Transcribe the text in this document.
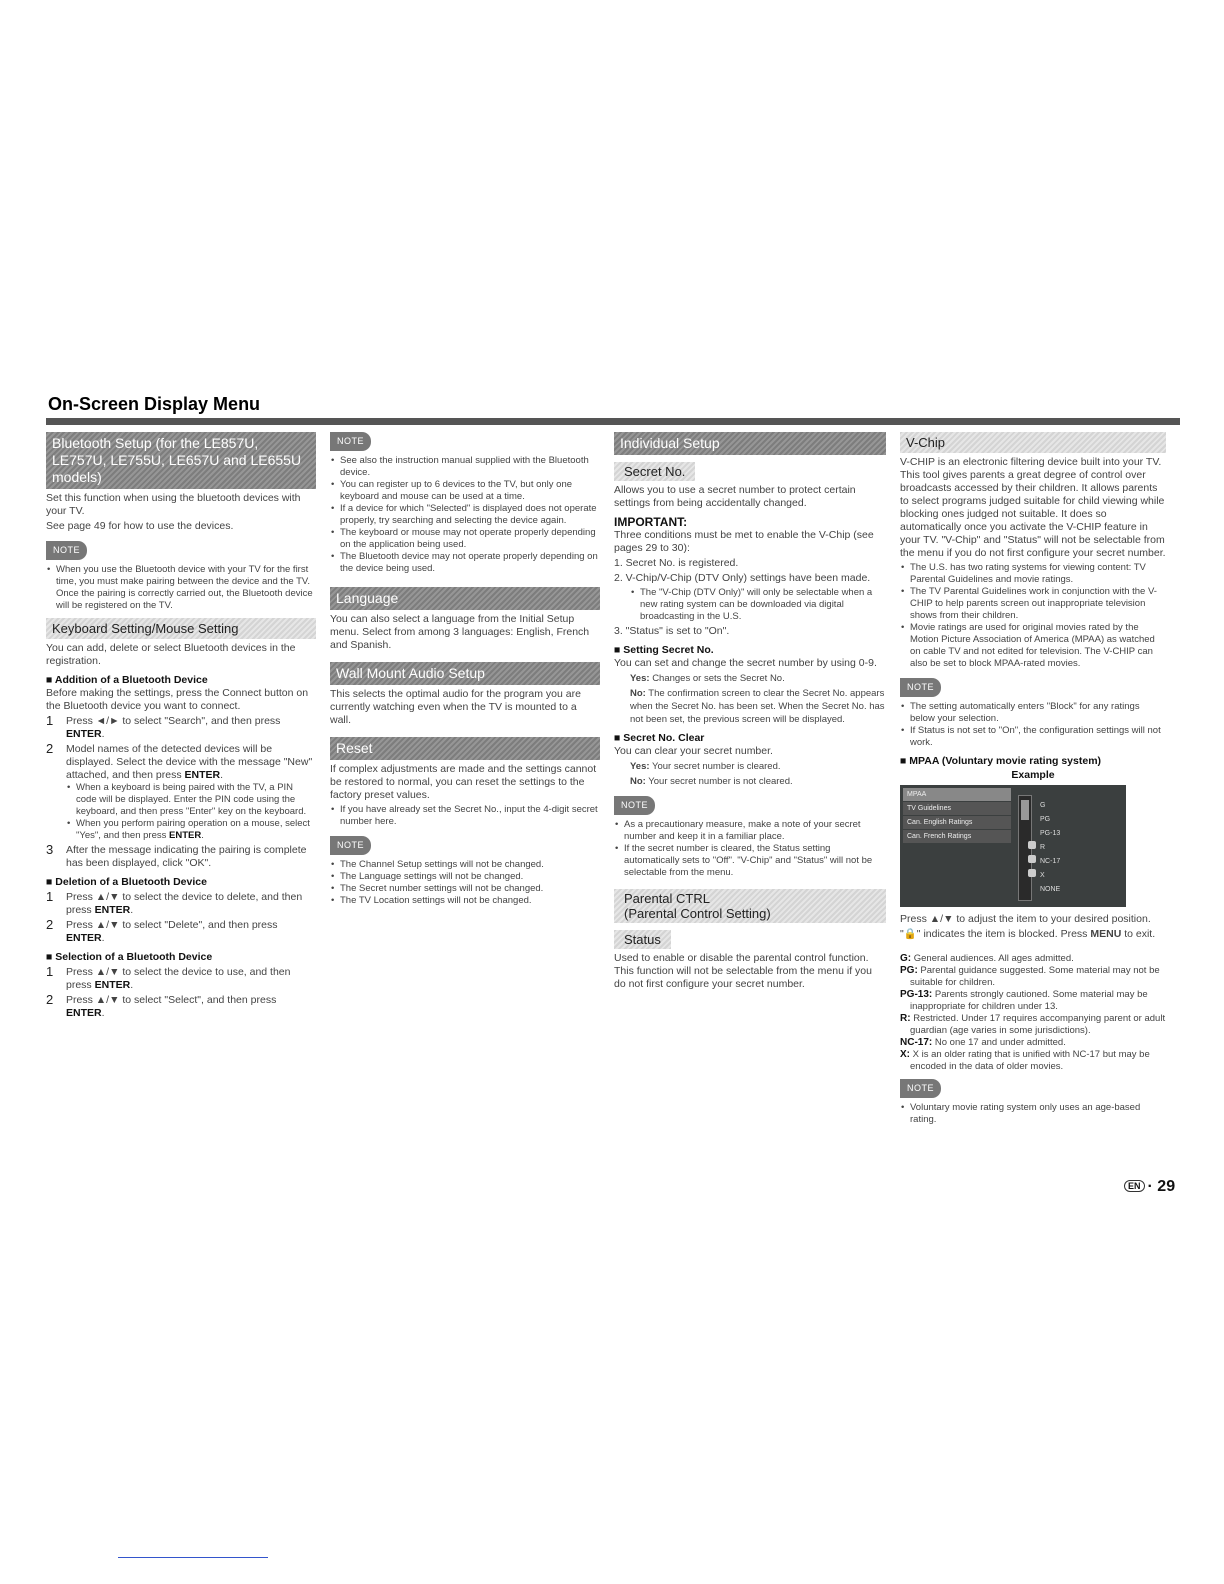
On-Screen Display Menu
Bluetooth Setup (for the LE857U, LE757U, LE755U, LE657U and LE655U models)

Set this function when using the bluetooth devices with your TV.

See page 49 for how to use the devices.

NOTE
• When you use the Bluetooth device with your TV for the first time, you must make pairing between the device and the TV. Once the pairing is correctly carried out, the Bluetooth device will be registered on the TV.
Keyboard Setting/Mouse Setting

You can add, delete or select Bluetooth devices in the registration.

■ Addition of a Bluetooth Device

Before making the settings, press the Connect button on the Bluetooth device you want to connect.

1 Press ◄/► to select "Search", and then press ENTER.
2 Model names of the detected devices will be displayed. Select the device with the message "New" attached, and then press ENTER.
• When a keyboard is being paired with the TV, a PIN code will be displayed. Enter the PIN code using the keyboard, and then press "Enter" key on the keyboard.
• When you perform pairing operation on a mouse, select "Yes", and then press ENTER.
3 After the message indicating the pairing is complete has been displayed, click "OK".
■ Deletion of a Bluetooth Device
1 Press ▲/▼ to select the device to delete, and then press ENTER.
2 Press ▲/▼ to select "Delete", and then press ENTER.
■ Selection of a Bluetooth Device
1 Press ▲/▼ to select the device to use, and then press ENTER.
2 Press ▲/▼ to select "Select", and then press ENTER.
NOTE
• See also the instruction manual supplied with the Bluetooth device.
• You can register up to 6 devices to the TV, but only one keyboard and mouse can be used at a time.
• If a device for which "Selected" is displayed does not operate properly, try searching and selecting the device again.
• The keyboard or mouse may not operate properly depending on the application being used.
• The Bluetooth device may not operate properly depending on the device being used.
Language

You can also select a language from the Initial Setup menu. Select from among 3 languages: English, French and Spanish.

Wall Mount Audio Setup

This selects the optimal audio for the program you are currently watching even when the TV is mounted to a wall.

Reset

If complex adjustments are made and the settings cannot be restored to normal, you can reset the settings to the factory preset values.

• If you have already set the Secret No., input the 4-digit secret number here.
NOTE
• The Channel Setup settings will not be changed.
• The Language settings will not be changed.
• The Secret number settings will not be changed.
• The TV Location settings will not be changed.
Individual Setup
Secret No.

Allows you to use a secret number to protect certain settings from being accidentally changed.

IMPORTANT:

Three conditions must be met to enable the V-Chip (see pages 29 to 30):

1. Secret No. is registered.

2. V-Chip/V-Chip (DTV Only) settings have been made.

• The "V-Chip (DTV Only)" will only be selectable when a new rating system can be downloaded via digital broadcasting in the U.S.

3. "Status" is set to "On".

■ Setting Secret No.

You can set and change the secret number by using 0-9.

Yes: Changes or sets the Secret No.

No: The confirmation screen to clear the Secret No. appears when the Secret No. has been set. When the Secret No. has not been set, the previous screen will be displayed.

■ Secret No. Clear

You can clear your secret number.

Yes: Your secret number is cleared.

No: Your secret number is not cleared.

NOTE
• As a precautionary measure, make a note of your secret number and keep it in a familiar place.
• If the secret number is cleared, the Status setting automatically sets to "Off". "V-Chip" and "Status" will not be selectable from the menu.
Parental CTRL
(Parental Control Setting)
Status

Used to enable or disable the parental control function. This function will not be selectable from the menu if you do not first configure your secret number.

V-Chip

V-CHIP is an electronic filtering device built into your TV. This tool gives parents a great degree of control over broadcasts accessed by their children. It allows parents to select programs judged suitable for child viewing while blocking ones judged not suitable. It does so automatically once you activate the V-CHIP feature in your TV. "V-Chip" and "Status" will not be selectable from the menu if you do not first configure your secret number.

• The U.S. has two rating systems for viewing content: TV Parental Guidelines and movie ratings.
• The TV Parental Guidelines work in conjunction with the V-CHIP to help parents screen out inappropriate television shows from their children.
• Movie ratings are used for original movies rated by the Motion Picture Association of America (MPAA) as watched on cable TV and not edited for television. The V-CHIP can also be set to block MPAA-rated movies.
NOTE
• The setting automatically enters "Block" for any ratings below your selection.
• If Status is not set to "On", the configuration settings will not work.
■ MPAA (Voluntary movie rating system)
Example
MPAA
TV Guidelines
Can. English Ratings
Can. French Ratings
G
PG
PG-13
R
NC-17
X
NONE

Press ▲/▼ to adjust the item to your desired position.

"🔒" indicates the item is blocked. Press MENU to exit.

G: General audiences. All ages admitted.
PG: Parental guidance suggested. Some material may not be suitable for children.
PG-13: Parents strongly cautioned. Some material may be inappropriate for children under 13.
R: Restricted. Under 17 requires accompanying parent or adult guardian (age varies in some jurisdictions).
NC-17: No one 17 and under admitted.
X: X is an older rating that is unified with NC-17 but may be encoded in the data of older movies.
NOTE
• Voluntary movie rating system only uses an age-based rating.
EN · 29
